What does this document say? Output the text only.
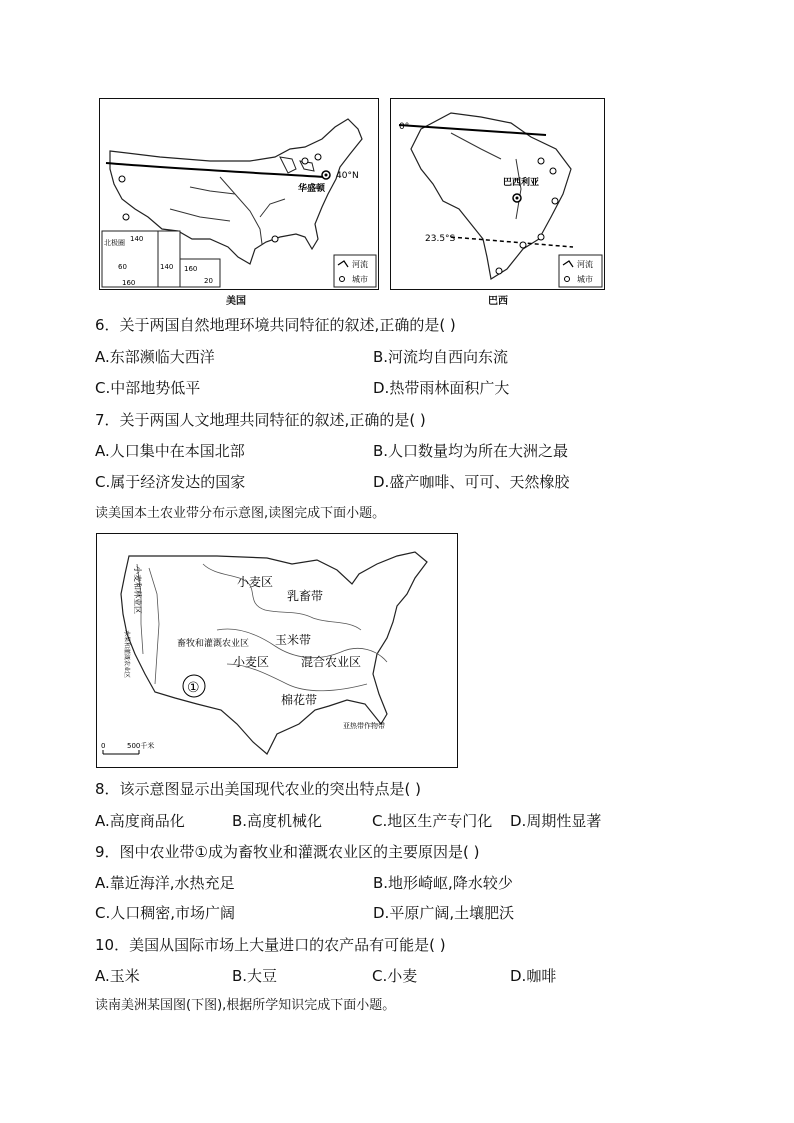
40°N
华盛顿
北极圈 140
60
160
140 160
20
河流
城市
美国
0°
23.5°S
巴西利亚
河流
城市
巴西
6．关于两国自然地理环境共同特征的叙述,正确的是( )
A.东部濒临大西洋	B.河流均自西向东流
C.中部地势低平	D.热带雨林面积广大
7．关于两国人文地理共同特征的叙述,正确的是( )
A.人口集中在本国北部	B.人口数量均为所在大洲之最
C.属于经济发达的国家	D.盛产咖啡、可可、天然橡胶
读美国本土农业带分布示意图,读图完成下面小题。
小麦区
乳畜带
玉米带
小麦区	混合农业区
棉花带
畜牧和灌溉农业区
①
小麦和林业区
水果和灌溉农业区
亚热带作物带
0	500千米
8．该示意图显示出美国现代农业的突出特点是( )
A.高度商品化	B.高度机械化	C.地区生产专门化 D.周期性显著
9．图中农业带①成为畜牧业和灌溉农业区的主要原因是( )
A.靠近海洋,水热充足	B.地形崎岖,降水较少
C.人口稠密,市场广阔	D.平原广阔,土壤肥沃
10．美国从国际市场上大量进口的农产品有可能是( )
A.玉米	B.大豆	C.小麦	D.咖啡
读南美洲某国图(下图),根据所学知识完成下面小题。
